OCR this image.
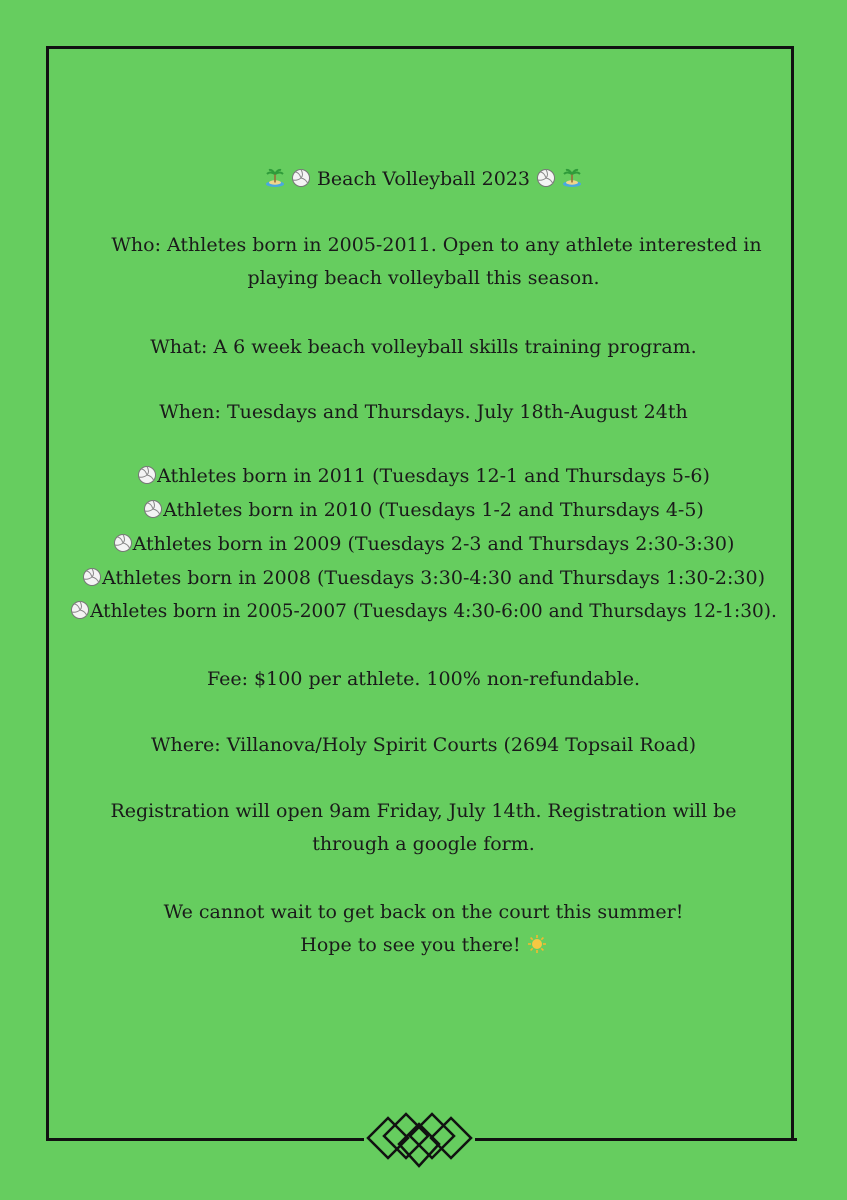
Beach Volleyball 2023

Who: Athletes born in 2005-2011. Open to any athlete interested in
playing beach volleyball this season.
What: A 6 week beach volleyball skills training program.
When: Tuesdays and Thursdays. July 18th-August 24th
Athletes born in 2011 (Tuesdays 12-1 and Thursdays 5-6)
Athletes born in 2010 (Tuesdays 1-2 and Thursdays 4-5)
Athletes born in 2009 (Tuesdays 2-3 and Thursdays 2:30-3:30)
Athletes born in 2008 (Tuesdays 3:30-4:30 and Thursdays 1:30-2:30)
Athletes born in 2005-2007 (Tuesdays 4:30-6:00 and Thursdays 12-1:30).
Fee: $100 per athlete. 100% non-refundable.
Where: Villanova/Holy Spirit Courts (2694 Topsail Road)
Registration will open 9am Friday, July 14th. Registration will be
through a google form.
We cannot wait to get back on the court this summer!
Hope to see you there!
